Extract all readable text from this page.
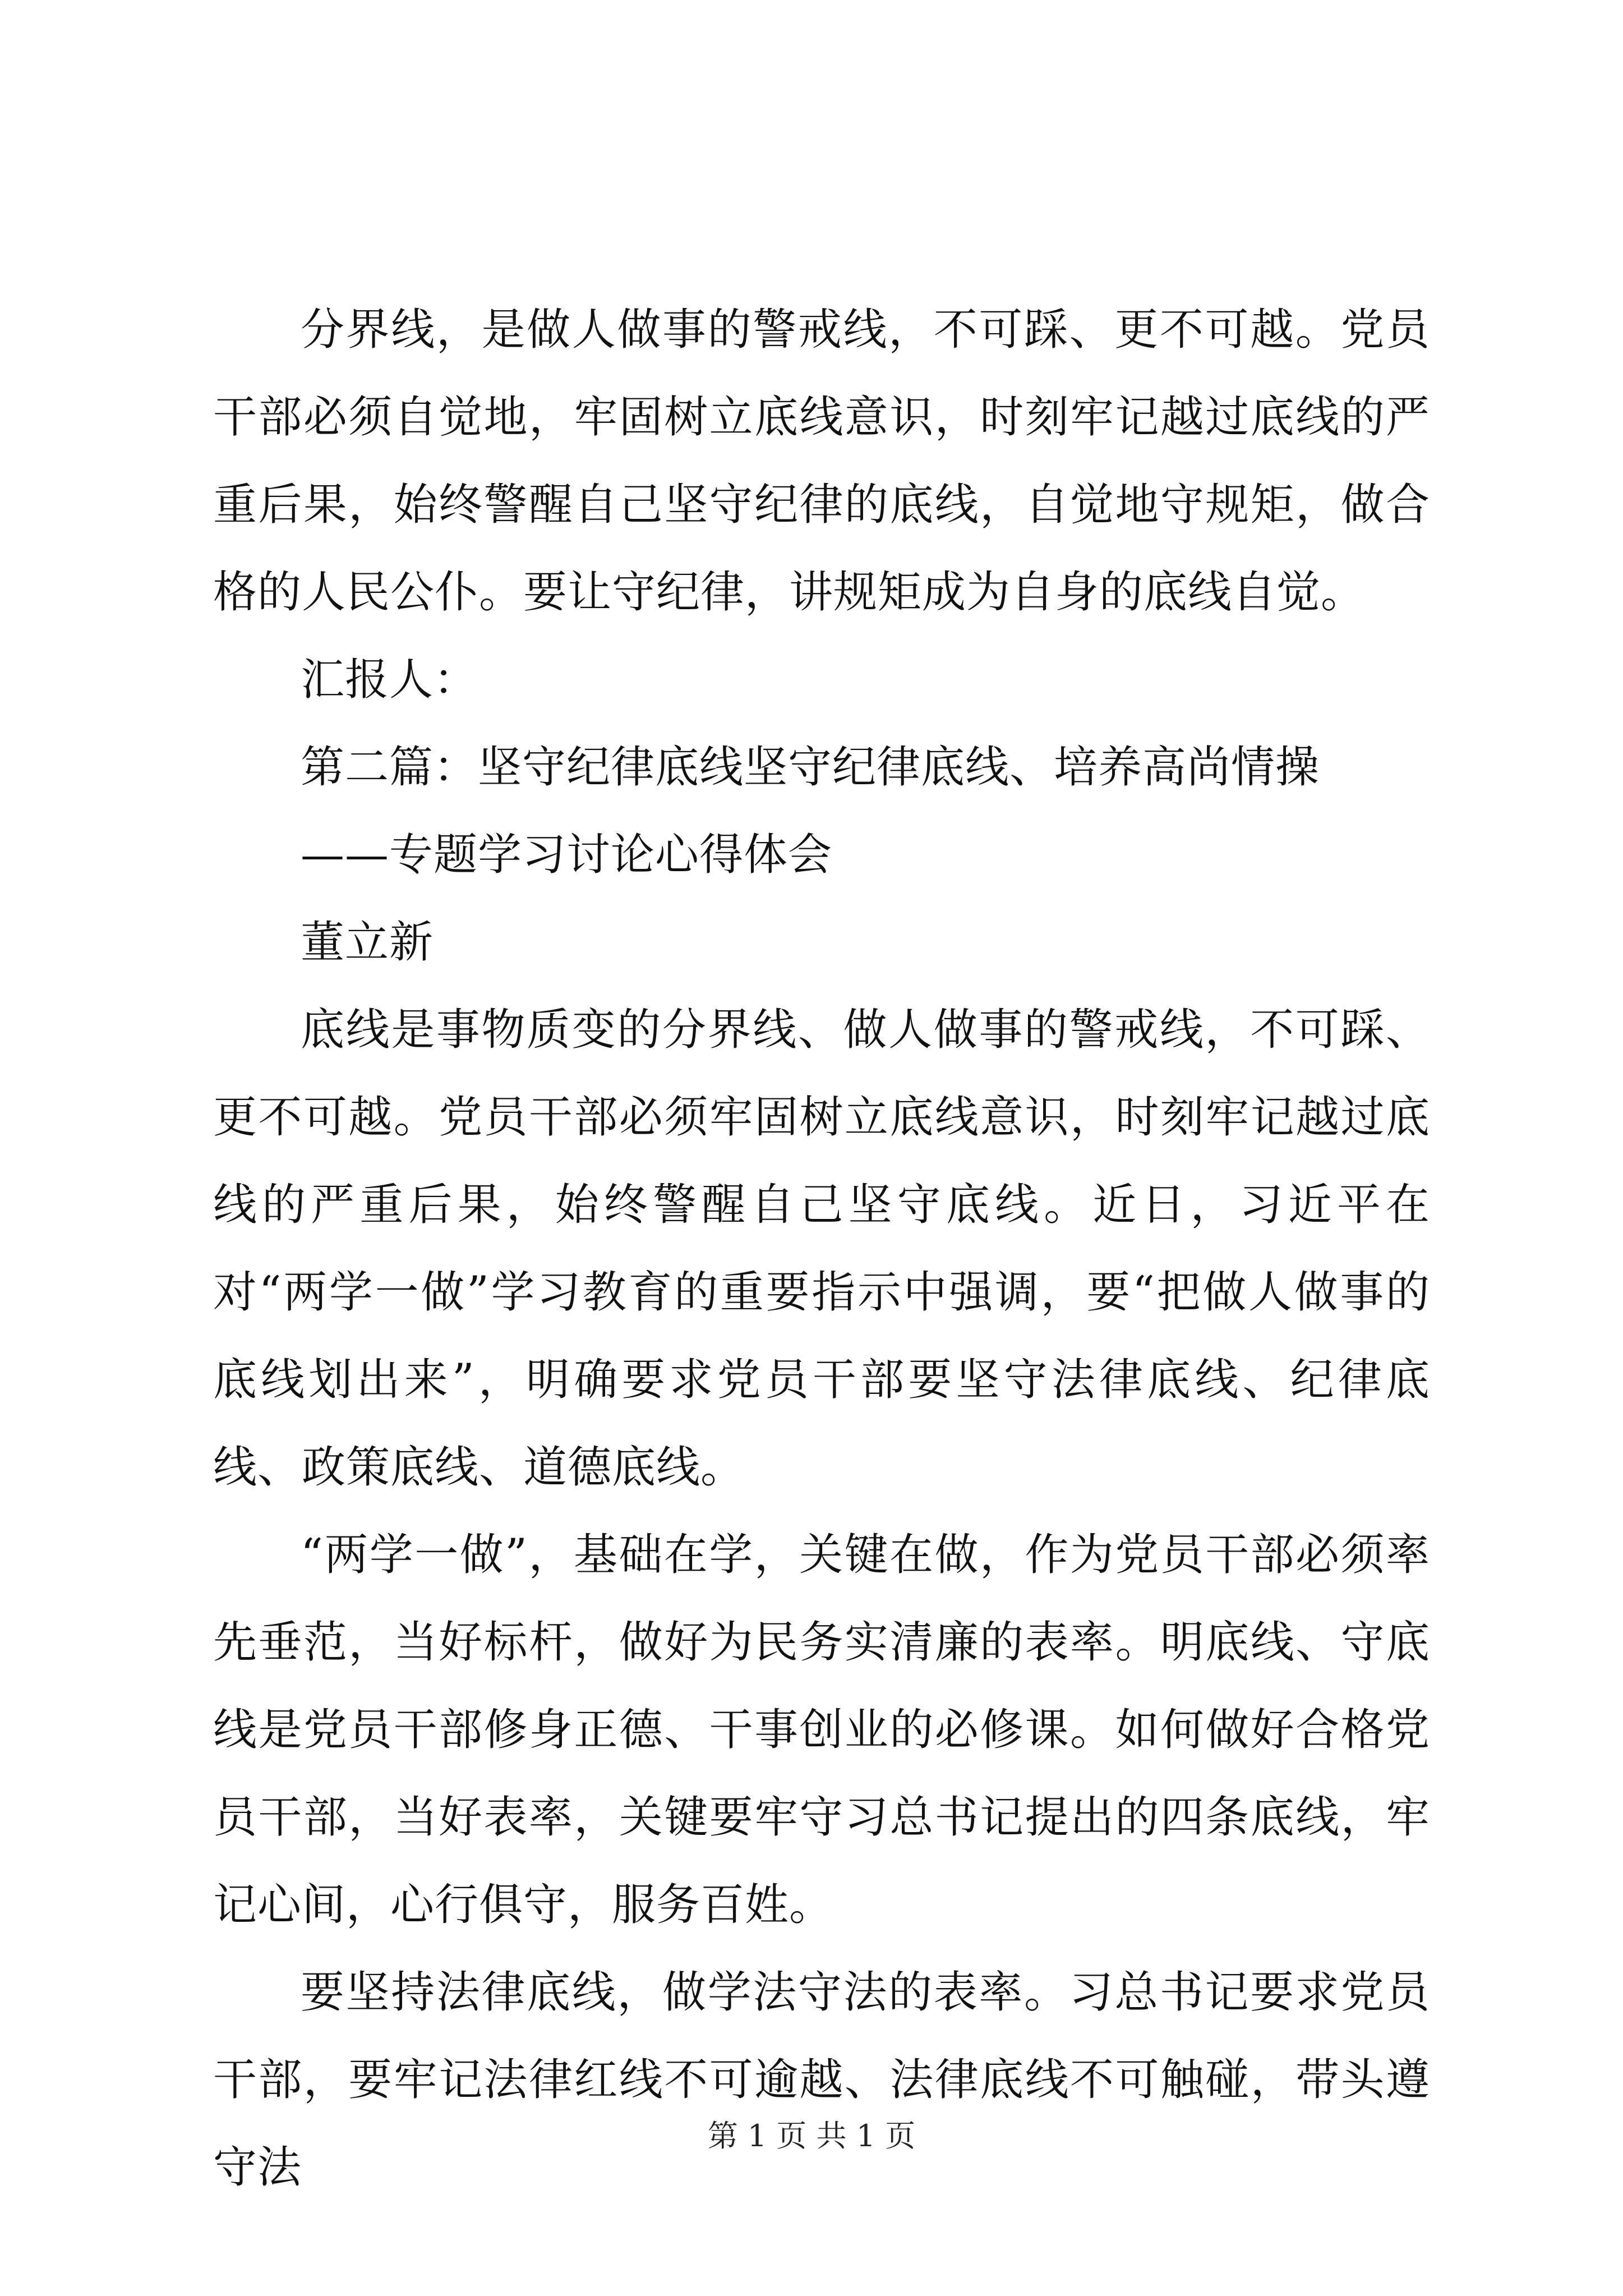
分界线，是做人做事的警戒线，不可踩、更不可越。党员干部必须自觉地，牢固树立底线意识，时刻牢记越过底线的严重后果，始终警醒自己坚守纪律的底线，自觉地守规矩，做合格的人民公仆。要让守纪律，讲规矩成为自身的底线自觉。

汇报人：

第二篇：坚守纪律底线坚守纪律底线、培养高尚情操

——专题学习讨论心得体会

董立新

底线是事物质变的分界线、做人做事的警戒线，不可踩、更不可越。党员干部必须牢固树立底线意识，时刻牢记越过底线的严重后果，始终警醒自己坚守底线。近日，习近平在对“两学一做”学习教育的重要指示中强调，要“把做人做事的底线划出来”，明确要求党员干部要坚守法律底线、纪律底线、政策底线、道德底线。

“两学一做”，基础在学，关键在做，作为党员干部必须率先垂范，当好标杆，做好为民务实清廉的表率。明底线、守底线是党员干部修身正德、干事创业的必修课。如何做好合格党员干部，当好表率，关键要牢守习总书记提出的四条底线，牢记心间，心行俱守，服务百姓。

要坚持法律底线，做学法守法的表率。习总书记要求党员干部，要牢记法律红线不可逾越、法律底线不可触碰，带头遵守法

第 1 页 共 1 页
